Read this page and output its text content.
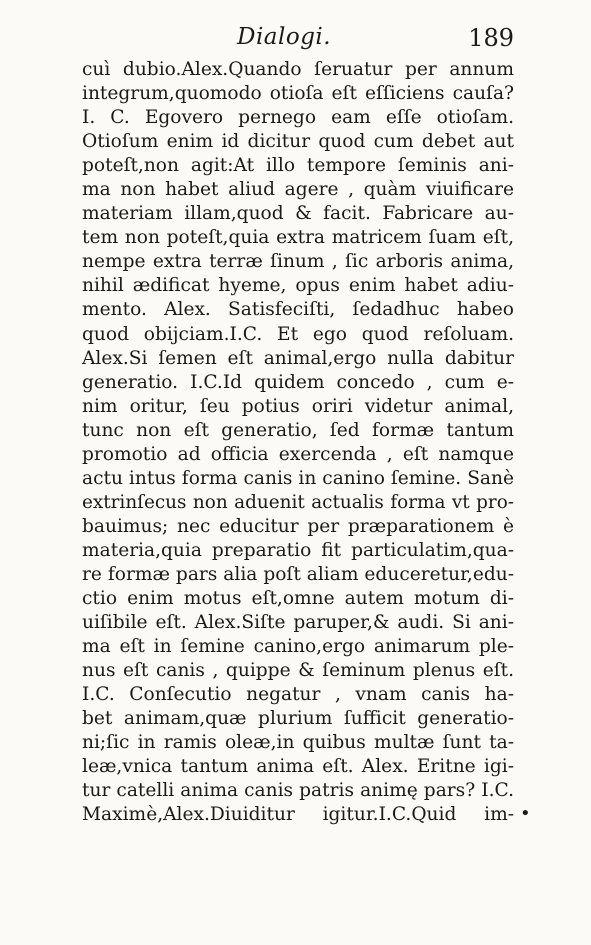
Dialogi.	189
cuì dubio.Alex.Quando ſeruatur per annum
integrum,quomodo otioſa eſt eſſiciens cauſa?
I. C. Egovero pernego eam eſſe otioſam.
Otioſum enim id dicitur quod cum debet aut
poteſt,non agit:At illo tempore ſeminis ani-
ma non habet aliud agere , quàm viuificare
materiam illam,quod & facit. Fabricare au-
tem non poteſt,quia extra matricem ſuam eſt,
nempe extra terræ ſinum , ſic arboris anima,
nihil ædificat hyeme, opus enim habet adiu-
mento. Alex. Satisfeciſti, ſedadhuc habeo
quod obijciam.I.C. Et ego quod reſoluam.
Alex.Si ſemen eſt animal,ergo nulla dabitur
generatio. I.C.Id quidem concedo , cum e-
nim oritur, ſeu potius oriri videtur animal,
tunc non eſt generatio, ſed formæ tantum
promotio ad officia exercenda , eſt namque
actu intus forma canis in canino ſemine. Sanè
extrinſecus non aduenit actualis forma vt pro-
bauimus; nec educitur per præparationem è
materia,quia preparatio fit particulatim,qua-
re formæ pars alia poſt aliam educeretur,edu-
ctio enim motus eſt,omne autem motum di-
uiſibile eſt. Alex.Siſte paruper,& audi. Si ani-
ma eſt in ſemine canino,ergo animarum ple-
nus eſt canis , quippe & ſeminum plenus eſt.
I.C. Conſecutio negatur , vnam canis ha-
bet animam,quæ plurium ſufficit generatio-
ni;ſic in ramis oleæ,in quibus multæ ſunt ta-
leæ,vnica tantum anima eſt. Alex. Eritne igi-
tur catelli anima canis patris animę pars? I.C.
Maximè,Alex.Diuiditur igitur.I.C.Quid im- •
